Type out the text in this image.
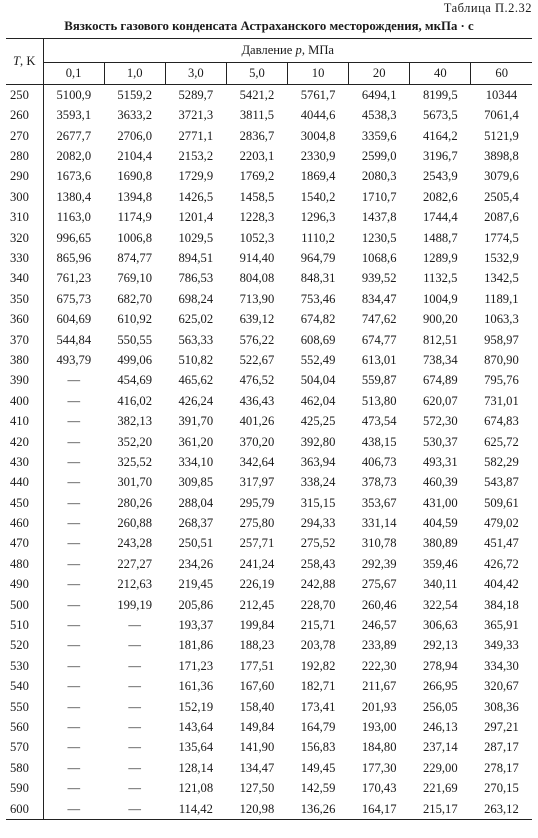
Таблица П.2.32
Вязкость газового конденсата Астраханского месторождения, мкПа · с
T, K	Давление p, МПа							
	0,1	1,0	3,0	5,0	10	20	40	60
250	5100,9	5159,2	5289,7	5421,2	5761,7	6494,1	8199,5	10344
260	3593,1	3633,2	3721,3	3811,5	4044,6	4538,3	5673,5	7061,4
270	2677,7	2706,0	2771,1	2836,7	3004,8	3359,6	4164,2	5121,9
280	2082,0	2104,4	2153,2	2203,1	2330,9	2599,0	3196,7	3898,8
290	1673,6	1690,8	1729,9	1769,2	1869,4	2080,3	2543,9	3079,6
300	1380,4	1394,8	1426,5	1458,5	1540,2	1710,7	2082,6	2505,4
310	1163,0	1174,9	1201,4	1228,3	1296,3	1437,8	1744,4	2087,6
320	996,65	1006,8	1029,5	1052,3	1110,2	1230,5	1488,7	1774,5
330	865,96	874,77	894,51	914,40	964,79	1068,6	1289,9	1532,9
340	761,23	769,10	786,53	804,08	848,31	939,52	1132,5	1342,5
350	675,73	682,70	698,24	713,90	753,46	834,47	1004,9	1189,1
360	604,69	610,92	625,02	639,12	674,82	747,62	900,20	1063,3
370	544,84	550,55	563,33	576,22	608,69	674,77	812,51	958,97
380	493,79	499,06	510,82	522,67	552,49	613,01	738,34	870,90
390	—	454,69	465,62	476,52	504,04	559,87	674,89	795,76
400	—	416,02	426,24	436,43	462,04	513,80	620,07	731,01
410	—	382,13	391,70	401,26	425,25	473,54	572,30	674,83
420	—	352,20	361,20	370,20	392,80	438,15	530,37	625,72
430	—	325,52	334,10	342,64	363,94	406,73	493,31	582,29
440	—	301,70	309,85	317,97	338,24	378,73	460,39	543,87
450	—	280,26	288,04	295,79	315,15	353,67	431,00	509,61
460	—	260,88	268,37	275,80	294,33	331,14	404,59	479,02
470	—	243,28	250,51	257,71	275,52	310,78	380,89	451,47
480	—	227,27	234,26	241,24	258,43	292,39	359,46	426,72
490	—	212,63	219,45	226,19	242,88	275,67	340,11	404,42
500	—	199,19	205,86	212,45	228,70	260,46	322,54	384,18
510	—	—	193,37	199,84	215,71	246,57	306,63	365,91
520	—	—	181,86	188,23	203,78	233,89	292,13	349,33
530	—	—	171,23	177,51	192,82	222,30	278,94	334,30
540	—	—	161,36	167,60	182,71	211,67	266,95	320,67
550	—	—	152,19	158,40	173,41	201,93	256,05	308,36
560	—	—	143,64	149,84	164,79	193,00	246,13	297,21
570	—	—	135,64	141,90	156,83	184,80	237,14	287,17
580	—	—	128,14	134,47	149,45	177,30	229,00	278,17
590	—	—	121,08	127,50	142,59	170,43	221,69	270,15
600	—	—	114,42	120,98	136,26	164,17	215,17	263,12
